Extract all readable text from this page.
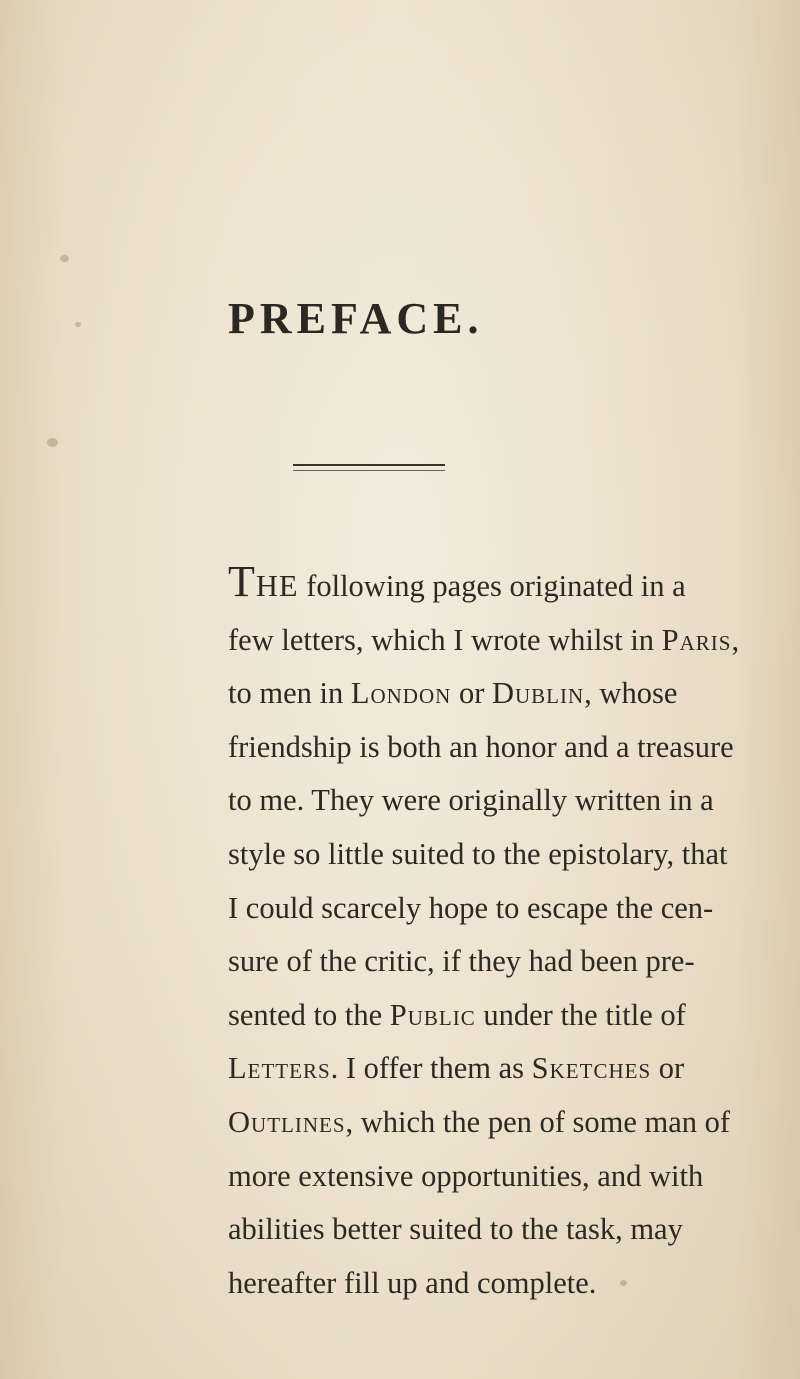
PREFACE.
THE following pages originated in a
few letters, which I wrote whilst in Paris,
to men in London or Dublin, whose
friendship is both an honor and a treasure
to me. They were originally written in a
style so little suited to the epistolary, that
I could scarcely hope to escape the cen-
sure of the critic, if they had been pre-
sented to the Public under the title of
Letters. I offer them as Sketches or
Outlines, which the pen of some man of
more extensive opportunities, and with
abilities better suited to the task, may
hereafter fill up and complete.
